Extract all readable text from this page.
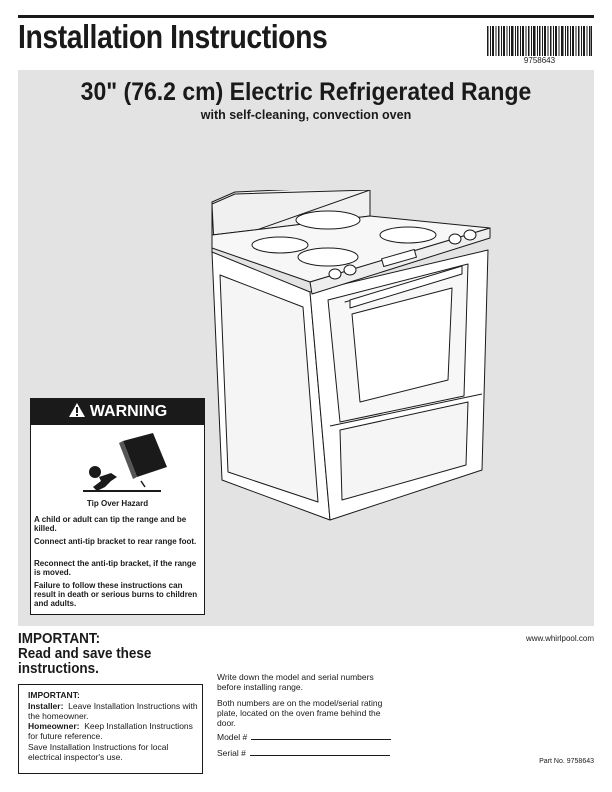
Installation Instructions
9758643
30" (76.2 cm) Electric Refrigerated Range
with self-cleaning, convection oven
WARNING
Tip Over Hazard

A child or adult can tip the range and be killed.

Connect anti-tip bracket to rear range foot.

Reconnect the anti-tip bracket, if the range is moved.

Failure to follow these instructions can result in death or serious burns to children and adults.

IMPORTANT:
Read and save these
instructions.
www.whirlpool.com
IMPORTANT:

Installer: Leave Installation Instructions with the homeowner.

Homeowner: Keep Installation Instructions for future reference.

Save Installation Instructions for local electrical inspector's use.

Write down the model and serial numbers before installing range.

Both numbers are on the model/serial rating plate, located on the oven frame behind the door.

Model #
Serial #
Part No. 9758643
